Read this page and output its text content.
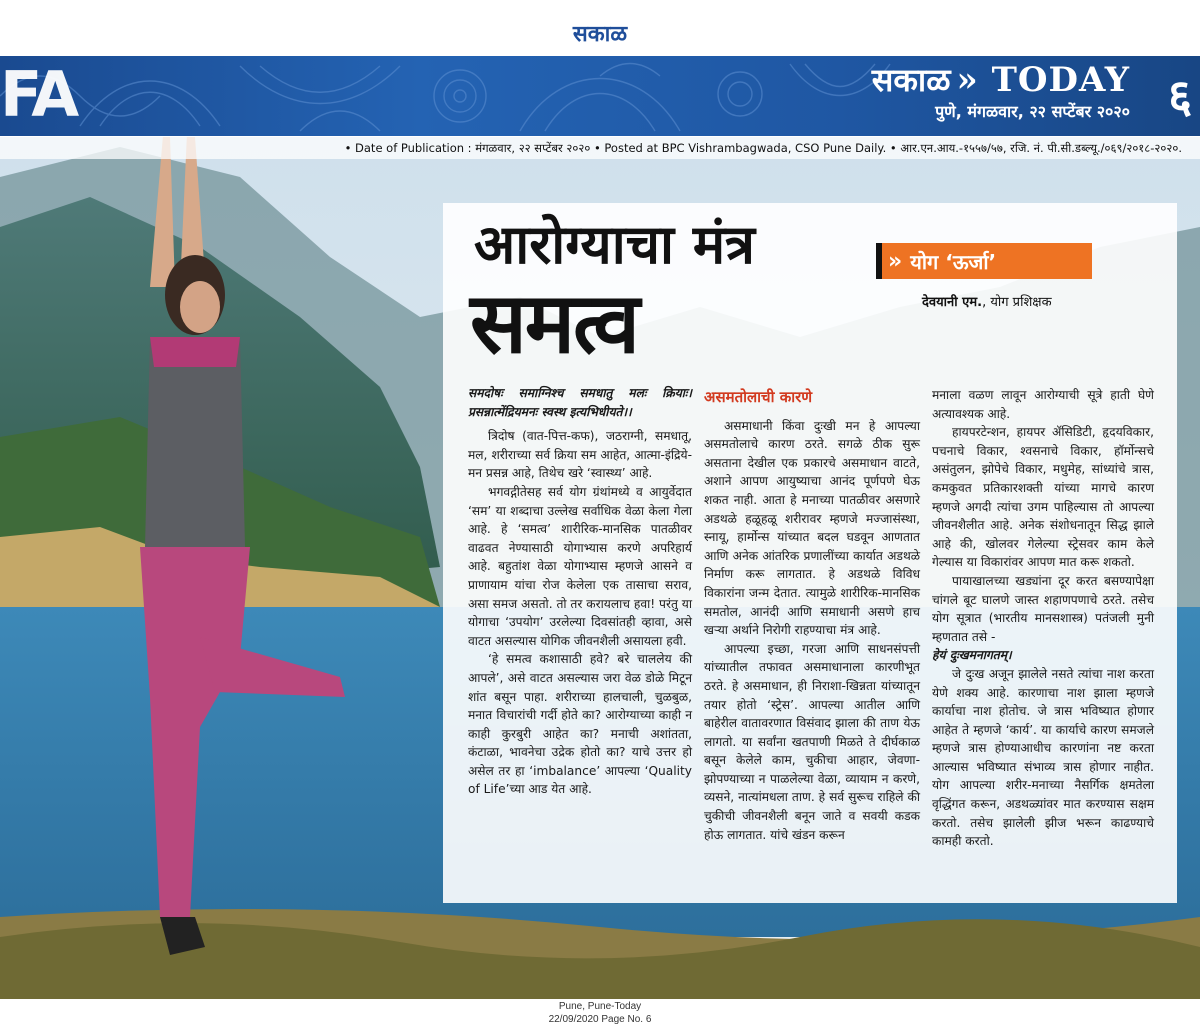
सकाळ
FA	सकाळ » TODAY
पुणे, मंगळवार, २२ सप्टेंबर २०२० ६
• Date of Publication : मंगळवार, २२ सप्टेंबर २०२० • Posted at BPC Vishrambagwada, CSO Pune Daily. • आर.एन.आय.-१५५७/५७, रजि. नं. पी.सी.डब्ल्यू./०६९/२०१८-२०२०.
आरोग्याचा मंत्र
समत्व
» योग ‘ऊर्जा’
देवयानी एम., योग प्रशिक्षक

समदोषः समाग्निश्च समधातु मलः क्रियाः। प्रसन्नात्मेंद्रियमनः स्वस्थ इत्यभिधीयते।।

त्रिदोष (वात-पित्त-कफ), जठराग्नी, समधातू, मल, शरीराच्या सर्व क्रिया सम आहेत, आत्मा-इंद्रिये-मन प्रसन्न आहे, तिथेच खरे ‘स्वास्थ्य’ आहे.

भगवद्गीतेसह सर्व योग ग्रंथांमध्ये व आयुर्वेदात ‘सम’ या शब्दाचा उल्लेख सर्वाधिक वेळा केला गेला आहे. हे ‘समत्व’ शारीरिक-मानसिक पातळीवर वाढवत नेण्यासाठी योगाभ्यास करणे अपरिहार्य आहे. बहुतांश वेळा योगाभ्यास म्हणजे आसने व प्राणायाम यांचा रोज केलेला एक तासाचा सराव, असा समज असतो. तो तर करायलाच हवा! परंतु या योगाचा ‘उपयोग’ उरलेल्या दिवसांतही व्हावा, असे वाटत असल्यास योगिक जीवनशैली असायला हवी.

‘हे समत्व कशासाठी हवे? बरे चाललेय की आपले’, असे वाटत असल्यास जरा वेळ डोळे मिटून शांत बसून पाहा. शरीराच्या हालचाली, चुळबुळ, मनात विचारांची गर्दी होते का? आरोग्याच्या काही न काही कुरबुरी आहेत का? मनाची अशांतता, कंटाळा, भावनेचा उद्रेक होतो का? याचे उत्तर हो असेल तर हा ‘imbalance’ आपल्या ‘Quality of Life’च्या आड येत आहे.

असमतोलाची कारणे

असमाधानी किंवा दुःखी मन हे आपल्या असमतोलाचे कारण ठरते. सगळे ठीक सुरू असताना देखील एक प्रकारचे असमाधान वाटते, अशाने आपण आयुष्याचा आनंद पूर्णपणे घेऊ शकत नाही. आता हे मनाच्या पातळीवर असणारे अडथळे हळूहळू शरीरावर म्हणजे मज्जासंस्था, स्नायू, हार्मोन्स यांच्यात बदल घडवून आणतात आणि अनेक आंतरिक प्रणालींच्या कार्यात अडथळे निर्माण करू लागतात. हे अडथळे विविध विकारांना जन्म देतात. त्यामुळे शारीरिक-मानसिक समतोल, आनंदी आणि समाधानी असणे हाच खऱ्या अर्थाने निरोगी राहण्याचा मंत्र आहे.

आपल्या इच्छा, गरजा आणि साधनसंपत्ती यांच्यातील तफावत असमाधानाला कारणीभूत ठरते. हे असमाधान, ही निराशा-खिन्नता यांच्यातून तयार होतो ‘स्ट्रेस’. आपल्या आतील आणि बाहेरील वातावरणात विसंवाद झाला की ताण येऊ लागतो. या सर्वांना खतपाणी मिळते ते दीर्घकाळ बसून केलेले काम, चुकीचा आहार, जेवणा-झोपण्याच्या न पाळलेल्या वेळा, व्यायाम न करणे, व्यसने, नात्यांमधला ताण. हे सर्व सुरूच राहिले की चुकीची जीवनशैली बनून जाते व सवयी कडक होऊ लागतात. यांचे खंडन करून

मनाला वळण लावून आरोग्याची सूत्रे हाती घेणे अत्यावश्यक आहे.

हायपरटेन्शन, हायपर ॲसिडिटी, हृदयविकार, पचनाचे विकार, श्वसनाचे विकार, हॉर्मोन्सचे असंतुलन, झोपेचे विकार, मधुमेह, सांध्यांचे त्रास, कमकुवत प्रतिकारशक्ती यांच्या मागचे कारण म्हणजे अगदी त्यांचा उगम पाहिल्यास तो आपल्या जीवनशैलीत आहे. अनेक संशोधनातून सिद्ध झाले आहे की, खोलवर गेलेल्या स्ट्रेसवर काम केले गेल्यास या विकारांवर आपण मात करू शकतो.

पायाखालच्या खड्यांना दूर करत बसण्यापेक्षा चांगले बूट घालणे जास्त शहाणपणाचे ठरते. तसेच योग सूत्रात (भारतीय मानसशास्त्र) पतंजली मुनी म्हणतात तसे -

हेयं दुःखमनागतम्।

जे दुःख अजून झालेले नसते त्यांचा नाश करता येणे शक्य आहे. कारणाचा नाश झाला म्हणजे कार्याचा नाश होतोच. जे त्रास भविष्यात होणार आहेत ते म्हणजे ‘कार्य’. या कार्याचे कारण समजले म्हणजे त्रास होण्याआधीच कारणांना नष्ट करता आल्यास भविष्यात संभाव्य त्रास होणार नाहीत. योग आपल्या शरीर-मनाच्या नैसर्गिक क्षमतेला वृद्धिंगत करून, अडथळ्यांवर मात करण्यास सक्षम करतो. तसेच झालेली झीज भरून काढण्याचे कामही करतो.

Pune, Pune-Today
22/09/2020 Page No. 6
